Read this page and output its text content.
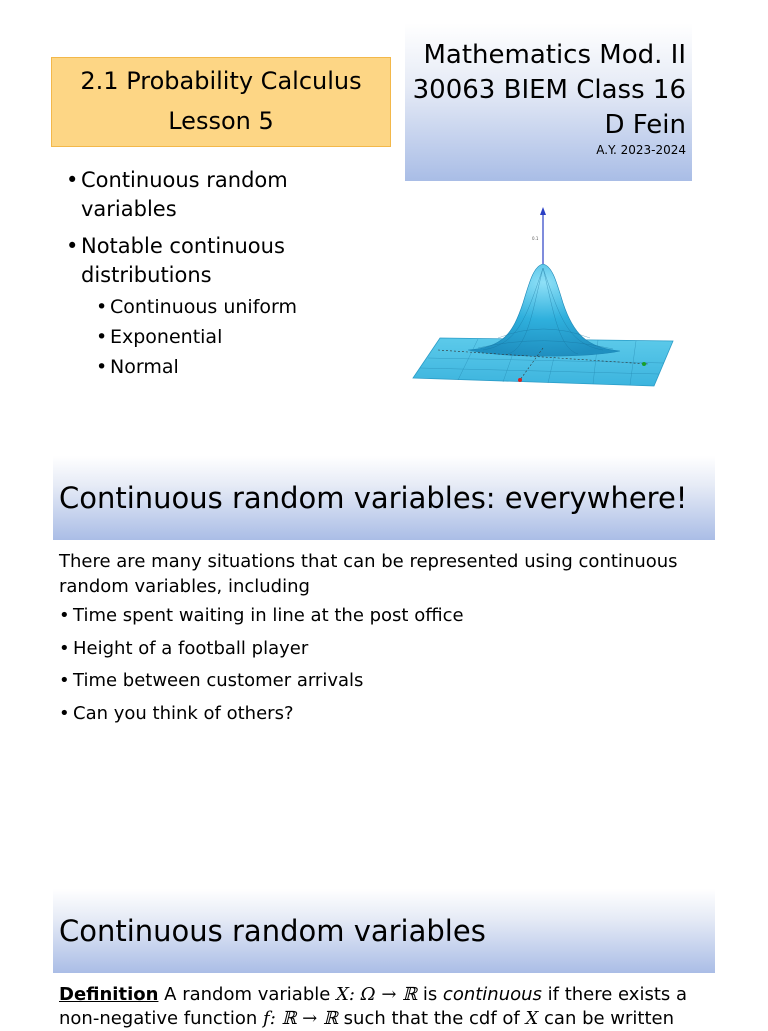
2.1 Probability Calculus
Lesson 5
Mathematics Mod. II
30063 BIEM Class 16
D Fein
A.Y. 2023-2024
• Continuous random
variables
• Notable continuous
distributions
• Continuous uniform
• Exponential
• Normal
0.1
Continuous random variables: everywhere!
There are many situations that can be represented using continuous
random variables, including
• Time spent waiting in line at the post office
• Height of a football player
• Time between customer arrivals
• Can you think of others?
Continuous random variables
Definition A random variable X: Ω → ℝ is continuous if there exists a
non-negative function f: ℝ → ℝ such that the cdf of X can be written
